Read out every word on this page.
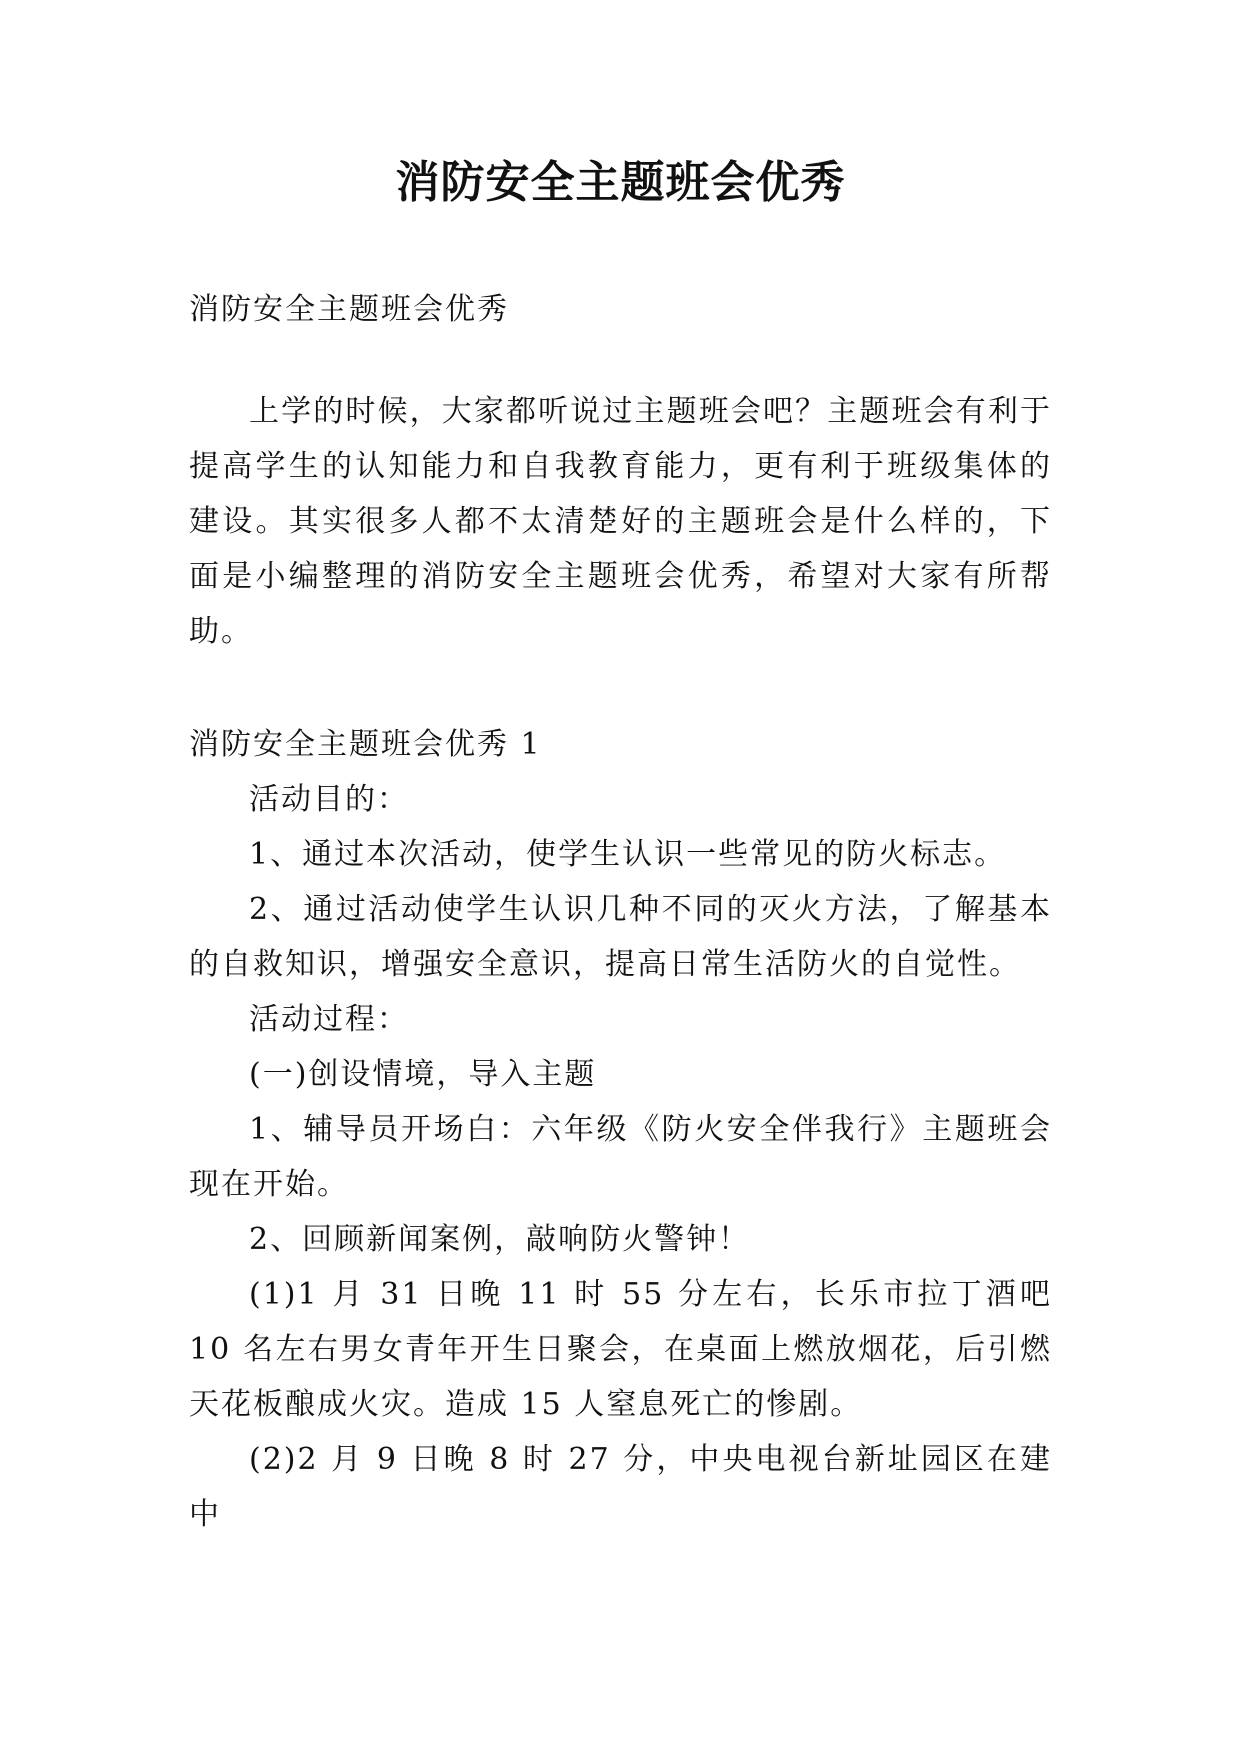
消防安全主题班会优秀

消防安全主题班会优秀

上学的时候，大家都听说过主题班会吧？主题班会有利于提高学生的认知能力和自我教育能力，更有利于班级集体的建设。其实很多人都不太清楚好的主题班会是什么样的，下面是小编整理的消防安全主题班会优秀，希望对大家有所帮助。

消防安全主题班会优秀 1

活动目的：

1、通过本次活动，使学生认识一些常见的防火标志。

2、通过活动使学生认识几种不同的灭火方法，了解基本的自救知识，增强安全意识，提高日常生活防火的自觉性。

活动过程：

(一)创设情境，导入主题

1、辅导员开场白：六年级《防火安全伴我行》主题班会现在开始。

2、回顾新闻案例，敲响防火警钟！

(1)1 月 31 日晚 11 时 55 分左右，长乐市拉丁酒吧 10 名左右男女青年开生日聚会，在桌面上燃放烟花，后引燃天花板酿成火灾。造成 15 人窒息死亡的惨剧。

(2)2 月 9 日晚 8 时 27 分，中央电视台新址园区在建中
